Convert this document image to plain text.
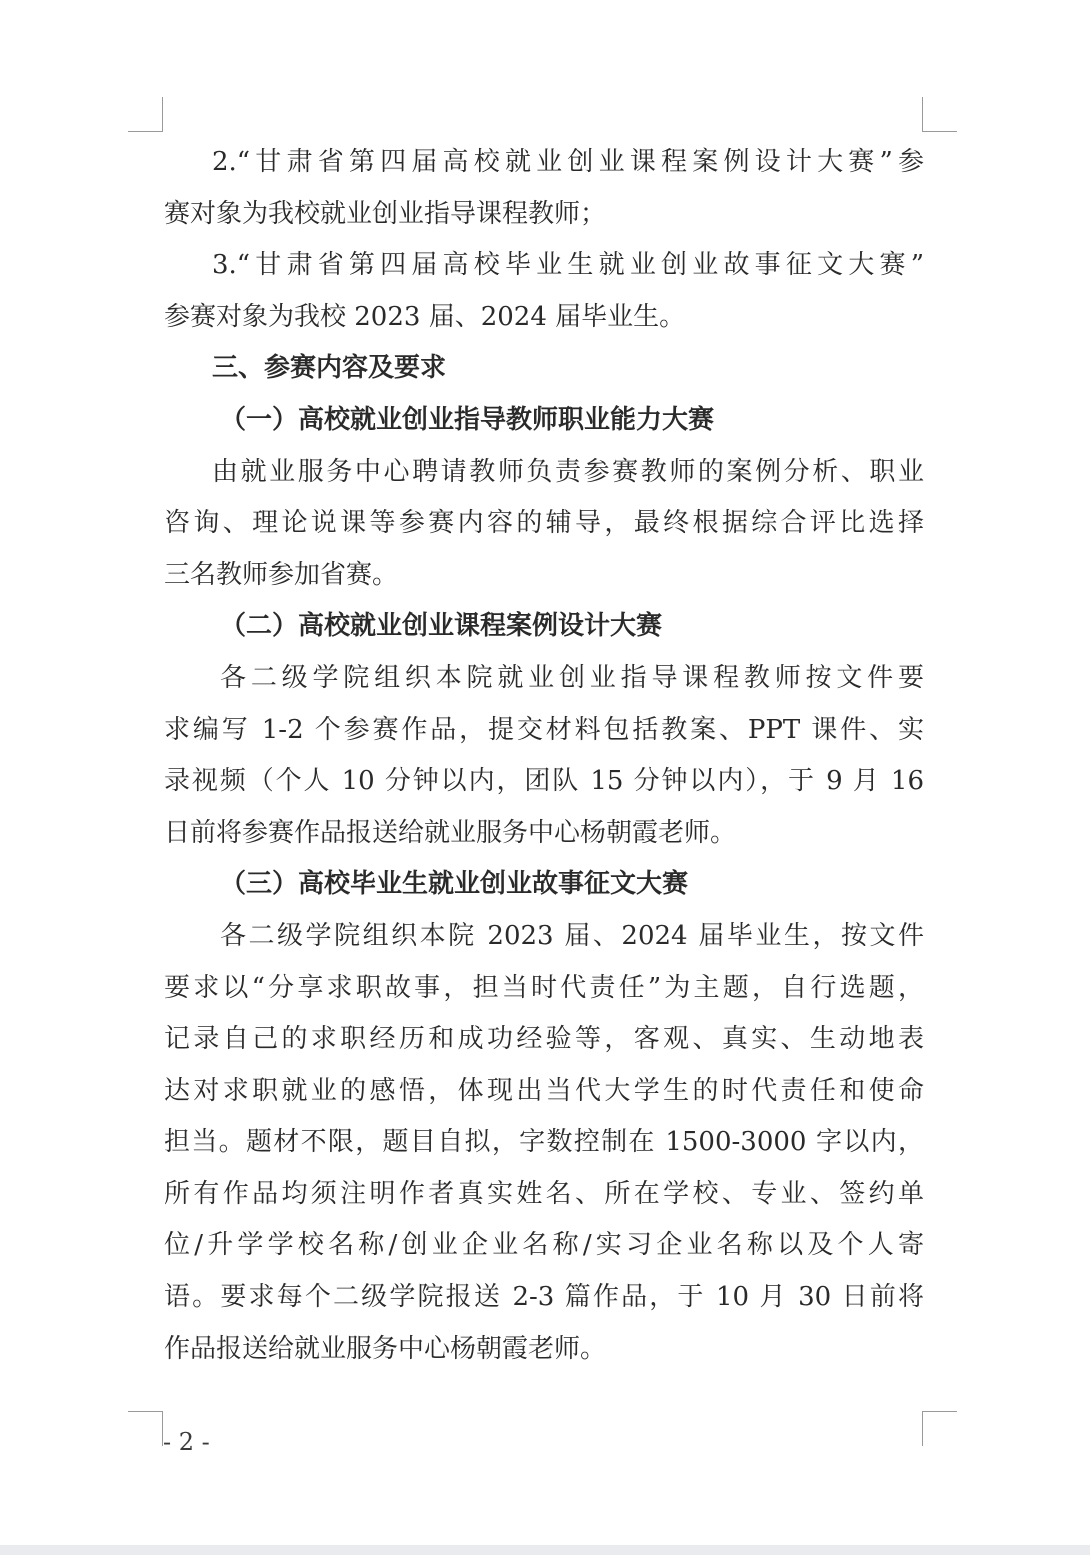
2.“甘肃省第四届高校就业创业课程案例设计大赛”参
赛对象为我校就业创业指导课程教师；
3.“甘肃省第四届高校毕业生就业创业故事征文大赛”
参赛对象为我校 2023 届、2024 届毕业生。
三、参赛内容及要求
（一）高校就业创业指导教师职业能力大赛
由就业服务中心聘请教师负责参赛教师的案例分析、职业
咨询、理论说课等参赛内容的辅导，最终根据综合评比选择
三名教师参加省赛。
（二）高校就业创业课程案例设计大赛
各二级学院组织本院就业创业指导课程教师按文件要
求编写 1-2 个参赛作品，提交材料包括教案、PPT 课件、实
录视频（个人 10 分钟以内，团队 15 分钟以内），于 9 月 16
日前将参赛作品报送给就业服务中心杨朝霞老师。
（三）高校毕业生就业创业故事征文大赛
各二级学院组织本院 2023 届、2024 届毕业生，按文件
要求以“分享求职故事，担当时代责任”为主题，自行选题，
记录自己的求职经历和成功经验等，客观、真实、生动地表
达对求职就业的感悟，体现出当代大学生的时代责任和使命
担当。题材不限，题目自拟，字数控制在 1500-3000 字以内，
所有作品均须注明作者真实姓名、所在学校、专业、签约单
位/升学学校名称/创业企业名称/实习企业名称以及个人寄
语。要求每个二级学院报送 2-3 篇作品，于 10 月 30 日前将
作品报送给就业服务中心杨朝霞老师。
- 2 -
